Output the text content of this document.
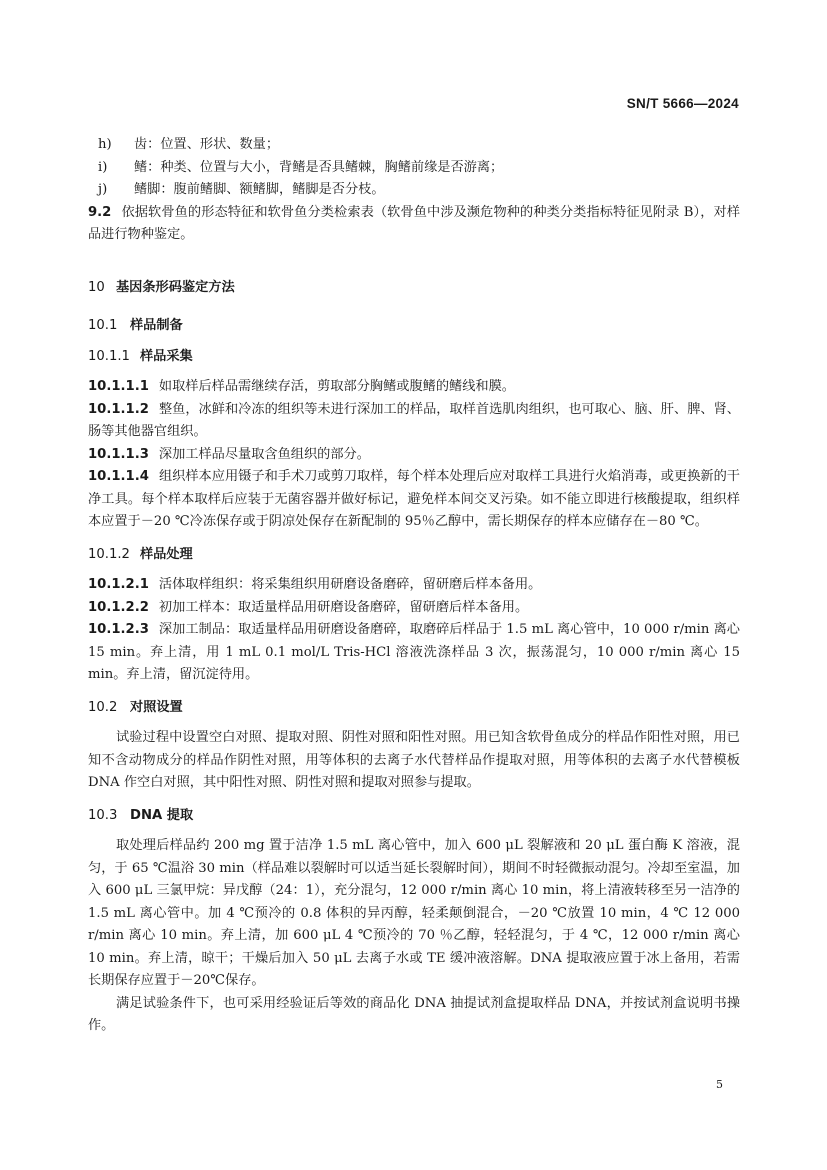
SN/T 5666—2024
h) 齿：位置、形状、数量；
i) 鳍：种类、位置与大小，背鳍是否具鳍棘，胸鳍前缘是否游离；
j) 鳍脚：腹前鳍脚、额鳍脚，鳍脚是否分枝。

9.2 依据软骨鱼的形态特征和软骨鱼分类检索表（软骨鱼中涉及濒危物种的种类分类指标特征见附录 B），对样品进行物种鉴定。

10 基因条形码鉴定方法
10.1 样品制备
10.1.1 样品采集

10.1.1.1 如取样后样品需继续存活，剪取部分胸鳍或腹鳍的鳍线和膜。

10.1.1.2 整鱼，冰鲜和冷冻的组织等未进行深加工的样品，取样首选肌肉组织，也可取心、脑、肝、脾、肾、肠等其他器官组织。

10.1.1.3 深加工样品尽量取含鱼组织的部分。

10.1.1.4 组织样本应用镊子和手术刀或剪刀取样，每个样本处理后应对取样工具进行火焰消毒，或更换新的干净工具。每个样本取样后应装于无菌容器并做好标记，避免样本间交叉污染。如不能立即进行核酸提取，组织样本应置于－20 ℃冷冻保存或于阴凉处保存在新配制的 95％乙醇中，需长期保存的样本应储存在－80 ℃。

10.1.2 样品处理

10.1.2.1 活体取样组织：将采集组织用研磨设备磨碎，留研磨后样本备用。

10.1.2.2 初加工样本：取适量样品用研磨设备磨碎，留研磨后样本备用。

10.1.2.3 深加工制品：取适量样品用研磨设备磨碎，取磨碎后样品于 1.5 mL 离心管中，10 000 r/min 离心 15 min。弃上清，用 1 mL 0.1 mol/L Tris-HCl 溶液洗涤样品 3 次，振荡混匀，10 000 r/min 离心 15 min。弃上清，留沉淀待用。

10.2 对照设置

试验过程中设置空白对照、提取对照、阴性对照和阳性对照。用已知含软骨鱼成分的样品作阳性对照，用已知不含动物成分的样品作阴性对照，用等体积的去离子水代替样品作提取对照，用等体积的去离子水代替模板 DNA 作空白对照，其中阳性对照、阴性对照和提取对照参与提取。

10.3 DNA 提取

取处理后样品约 200 mg 置于洁净 1.5 mL 离心管中，加入 600 μL 裂解液和 20 μL 蛋白酶 K 溶液，混匀，于 65 ℃温浴 30 min（样品难以裂解时可以适当延长裂解时间），期间不时轻微振动混匀。冷却至室温，加入 600 μL 三氯甲烷：异戊醇（24：1），充分混匀，12 000 r/min 离心 10 min，将上清液转移至另一洁净的 1.5 mL 离心管中。加 4 ℃预冷的 0.8 体积的异丙醇，轻柔颠倒混合，－20 ℃放置 10 min，4 ℃ 12 000 r/min 离心 10 min。弃上清，加 600 μL 4 ℃预冷的 70 ％乙醇，轻轻混匀，于 4 ℃，12 000 r/min 离心 10 min。弃上清，晾干；干燥后加入 50 μL 去离子水或 TE 缓冲液溶解。DNA 提取液应置于冰上备用，若需长期保存应置于－20℃保存。

满足试验条件下，也可采用经验证后等效的商品化 DNA 抽提试剂盒提取样品 DNA，并按试剂盒说明书操作。

5
